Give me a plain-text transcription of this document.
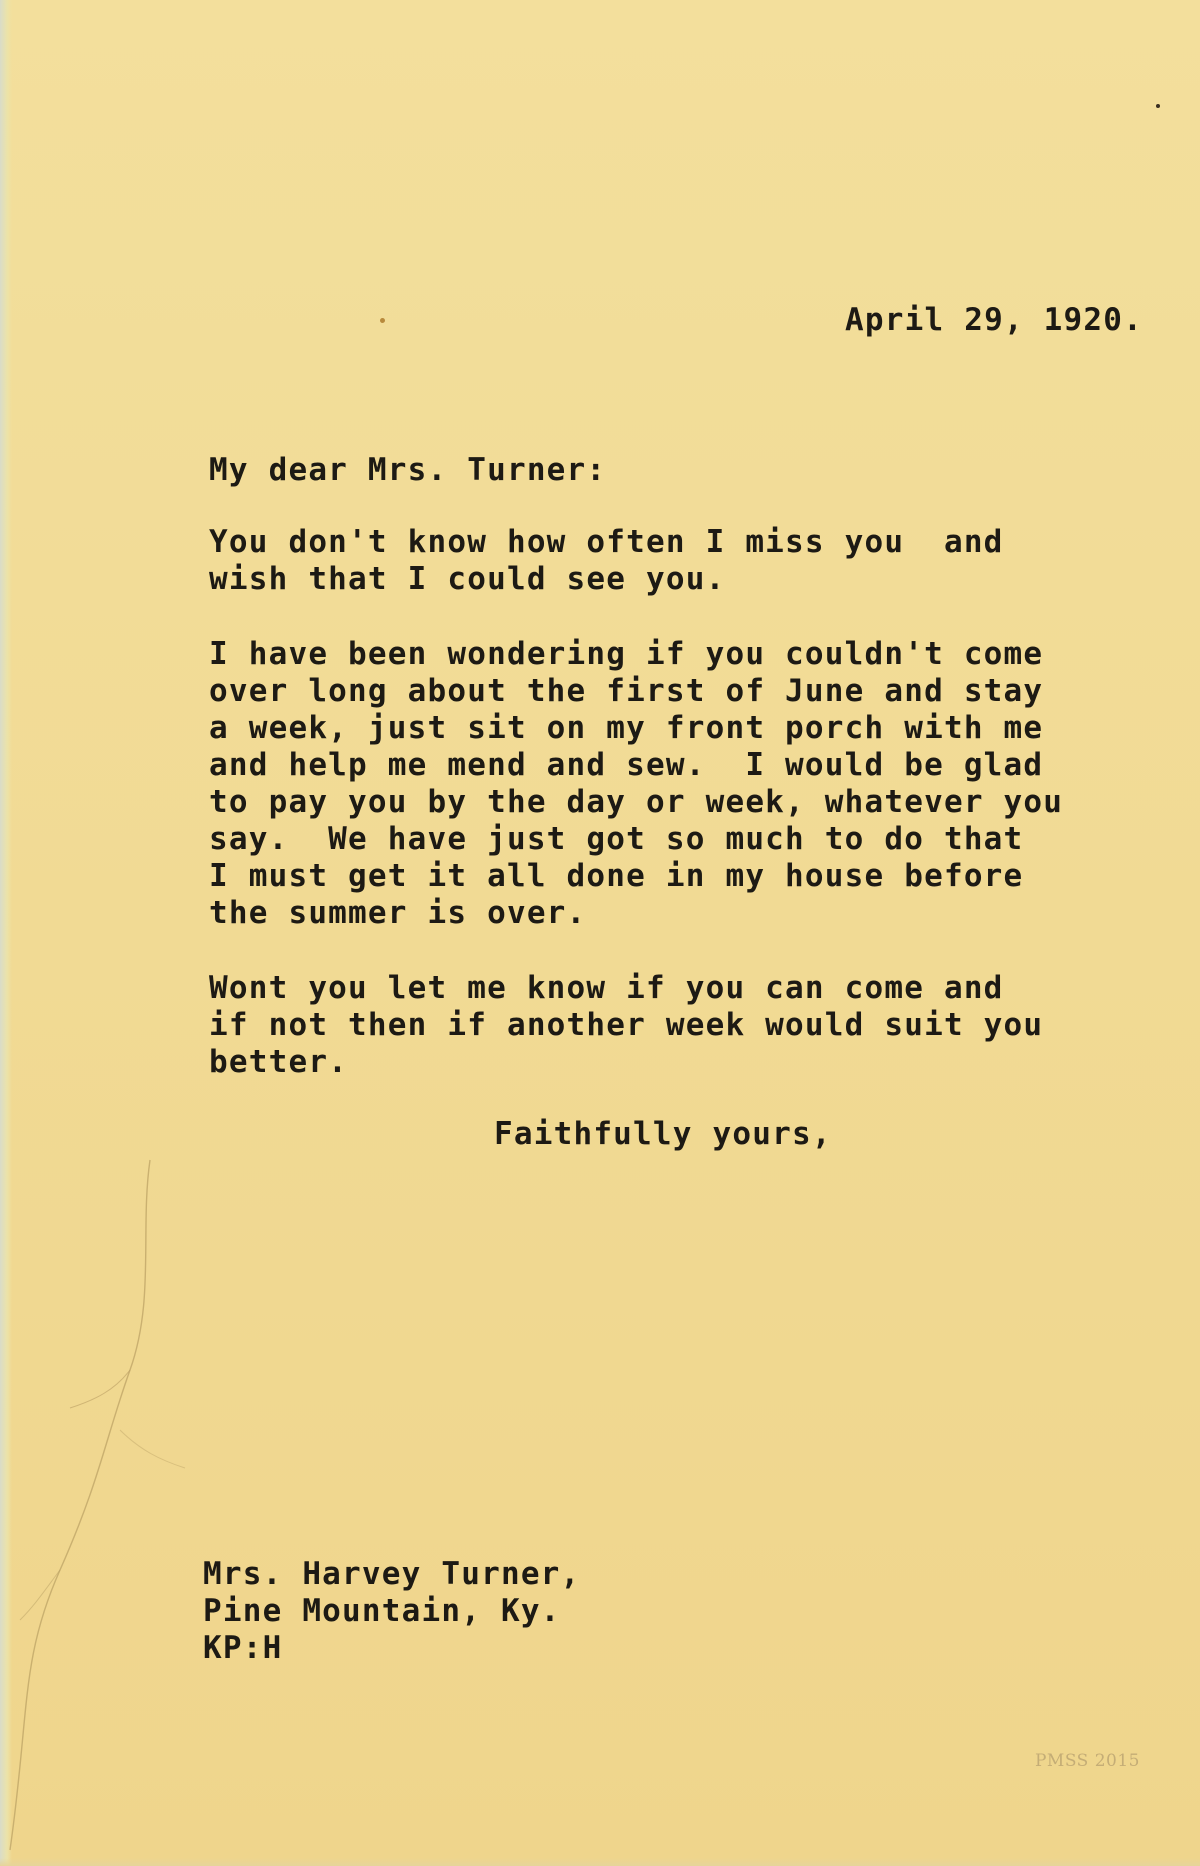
April 29, 1920.

My dear Mrs. Turner:

You don't know how often I miss you  and

wish that I could see you.

I have been wondering if you couldn't come

over long about the first of June and stay

a week, just sit on my front porch with me

and help me mend and sew.  I would be glad

to pay you by the day or week, whatever you

say.  We have just got so much to do that

I must get it all done in my house before

the summer is over.

Wont you let me know if you can come and

if not then if another week would suit you

better.

Faithfully yours,

Mrs. Harvey Turner,

Pine Mountain, Ky.

KP:H

PMSS 2015
